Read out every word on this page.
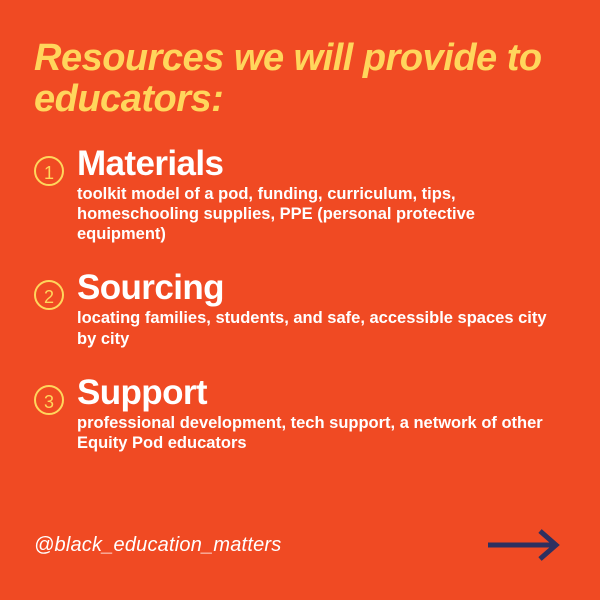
Resources we will provide to educators:
1 Materials

toolkit model of a pod, funding, curriculum, tips, homeschooling supplies, PPE (personal protective equipment)

2 Sourcing

locating families, students, and safe, accessible spaces city by city

3 Support

professional development, tech support, a network of other Equity Pod educators

@black_education_matters
